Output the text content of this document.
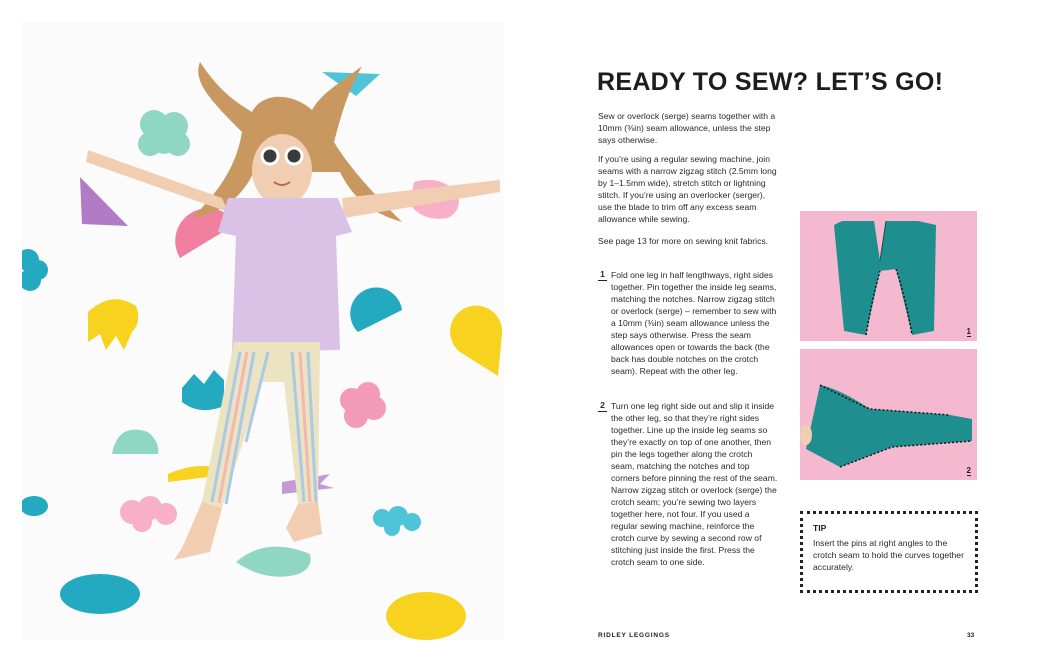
READY TO SEW? LET’S GO!

Sew or overlock (serge) seams together with a 10mm (⅜in) seam allowance, unless the step says otherwise.

If you’re using a regular sewing machine, join seams with a narrow zigzag stitch (2.5mm long by 1–1.5mm wide), stretch stitch or lightning stitch. If you’re using an overlocker (serger), use the blade to trim off any excess seam allowance while sewing.

See page 13 for more on sewing knit fabrics.

1 Fold one leg in half lengthways, right sides together. Pin together the inside leg seams, matching the notches. Narrow zigzag stitch or overlock (serge) – remember to sew with a 10mm (⅜in) seam allowance unless the step says otherwise. Press the seam allowances open or towards the back (the back has double notches on the crotch seam). Repeat with the other leg.
2 Turn one leg right side out and slip it inside the other leg, so that they’re right sides together. Line up the inside leg seams so they’re exactly on top of one another, then pin the legs together along the crotch seam, matching the notches and top corners before pinning the rest of the seam. Narrow zigzag stitch or overlock (serge) the crotch seam; you’re sewing two layers together here, not four. If you used a regular sewing machine, reinforce the crotch curve by sewing a second row of stitching just inside the first. Press the crotch seam to one side.
1
2
TIP
Insert the pins at right angles to the crotch seam to hold the curves together accurately.
RIDLEY LEGGINGS	33
